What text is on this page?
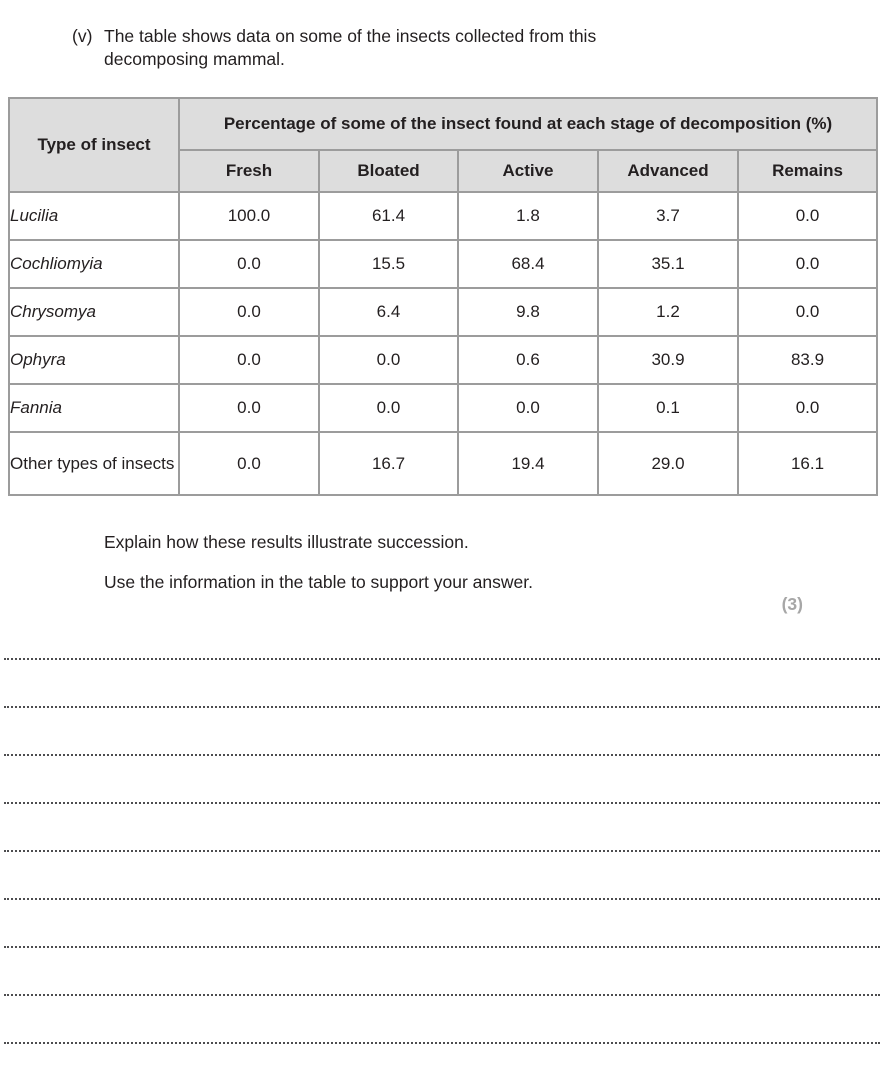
(v) The table shows data on some of the insects collected from this
decomposing mammal.
Type of insect	Percentage of some of the insect found at each stage of decomposition (%)				
	Fresh	Bloated	Active	Advanced	Remains
Lucilia	100.0	61.4	1.8	3.7	0.0
Cochliomyia	0.0	15.5	68.4	35.1	0.0
Chrysomya	0.0	6.4	9.8	1.2	0.0
Ophyra	0.0	0.0	0.6	30.9	83.9
Fannia	0.0	0.0	0.0	0.1	0.0
Other types of insects	0.0	16.7	19.4	29.0	16.1
Explain how these results illustrate succession.
Use the information in the table to support your answer.
(3)
